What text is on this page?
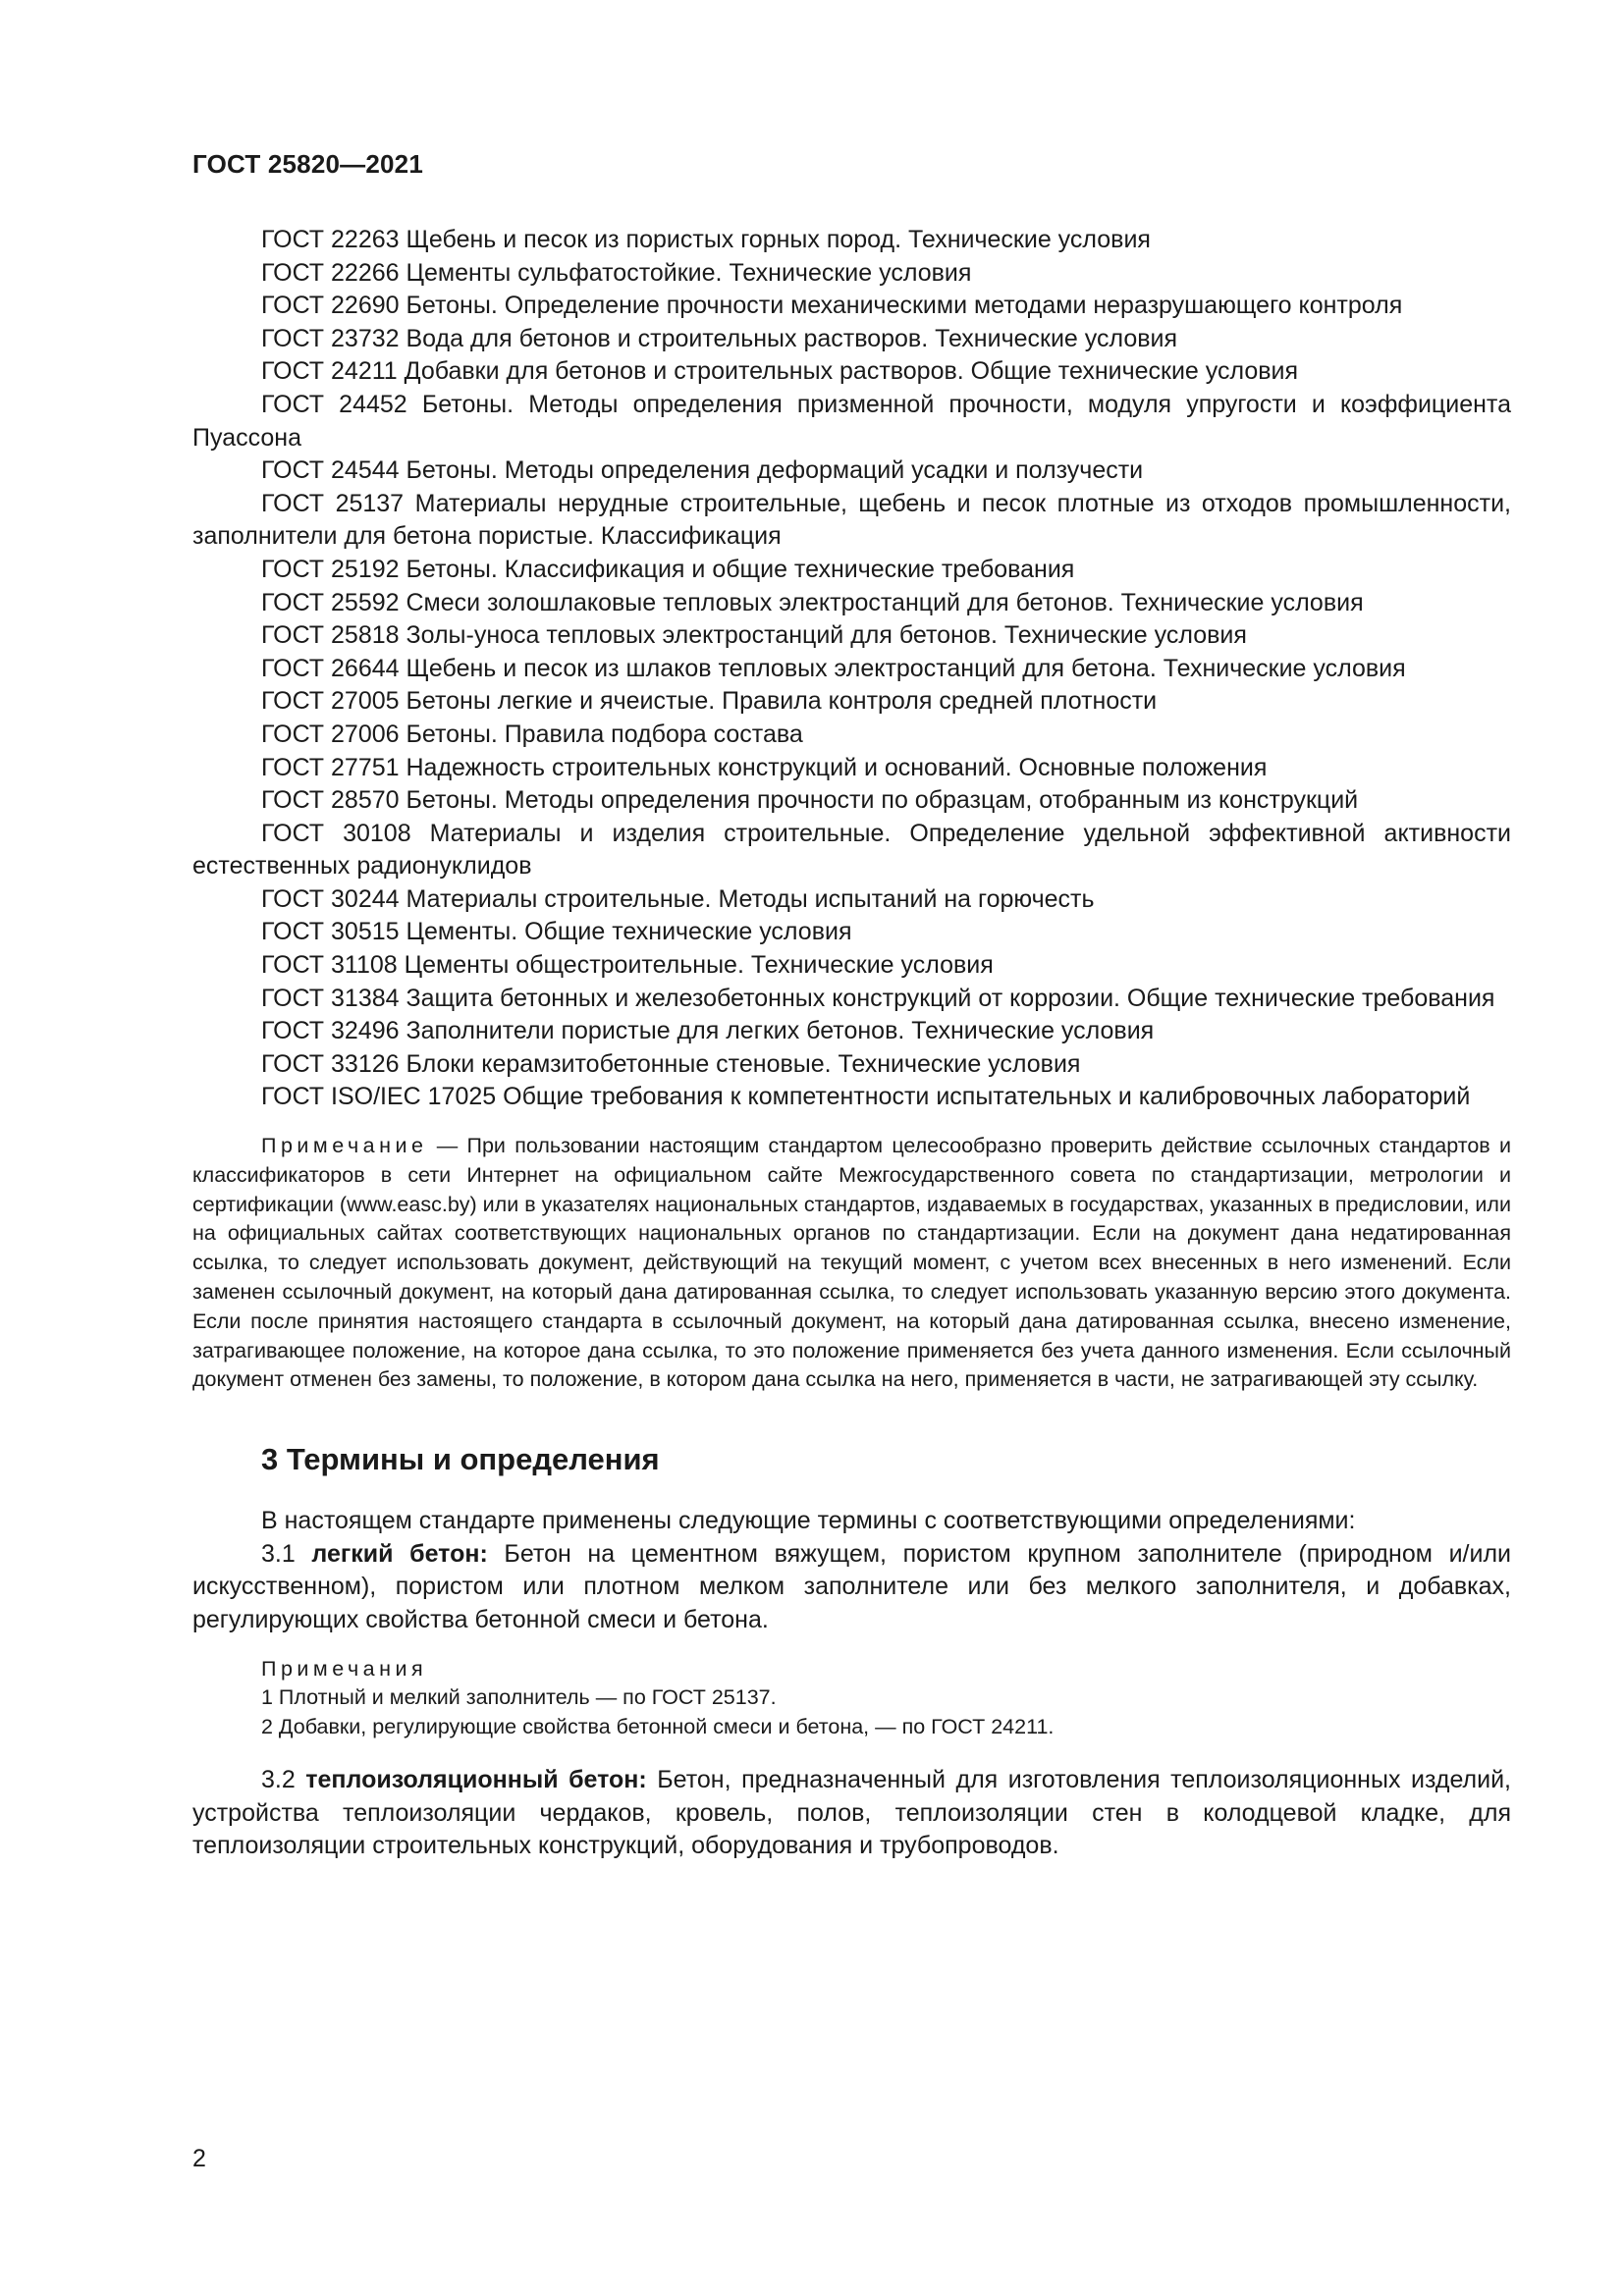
ГОСТ 25820—2021

ГОСТ 22263 Щебень и песок из пористых горных пород. Технические условия

ГОСТ 22266 Цементы сульфатостойкие. Технические условия

ГОСТ 22690 Бетоны. Определение прочности механическими методами неразрушающего контроля

ГОСТ 23732 Вода для бетонов и строительных растворов. Технические условия

ГОСТ 24211 Добавки для бетонов и строительных растворов. Общие технические условия

ГОСТ 24452 Бетоны. Методы определения призменной прочности, модуля упругости и коэффициента Пуассона

ГОСТ 24544 Бетоны. Методы определения деформаций усадки и ползучести

ГОСТ 25137 Материалы нерудные строительные, щебень и песок плотные из отходов промышленности, заполнители для бетона пористые. Классификация

ГОСТ 25192 Бетоны. Классификация и общие технические требования

ГОСТ 25592 Смеси золошлаковые тепловых электростанций для бетонов. Технические условия

ГОСТ 25818 Золы-уноса тепловых электростанций для бетонов. Технические условия

ГОСТ 26644 Щебень и песок из шлаков тепловых электростанций для бетона. Технические условия

ГОСТ 27005 Бетоны легкие и ячеистые. Правила контроля средней плотности

ГОСТ 27006 Бетоны. Правила подбора состава

ГОСТ 27751 Надежность строительных конструкций и оснований. Основные положения

ГОСТ 28570 Бетоны. Методы определения прочности по образцам, отобранным из конструкций

ГОСТ 30108 Материалы и изделия строительные. Определение удельной эффективной активности естественных радионуклидов

ГОСТ 30244 Материалы строительные. Методы испытаний на горючесть

ГОСТ 30515 Цементы. Общие технические условия

ГОСТ 31108 Цементы общестроительные. Технические условия

ГОСТ 31384 Защита бетонных и железобетонных конструкций от коррозии. Общие технические требования

ГОСТ 32496 Заполнители пористые для легких бетонов. Технические условия

ГОСТ 33126 Блоки керамзитобетонные стеновые. Технические условия

ГОСТ ISO/IEC 17025 Общие требования к компетентности испытательных и калибровочных лабораторий

Примечание — При пользовании настоящим стандартом целесообразно проверить действие ссылочных стандартов и классификаторов в сети Интернет на официальном сайте Межгосударственного совета по стандартизации, метрологии и сертификации (www.easc.by) или в указателях национальных стандартов, издаваемых в государствах, указанных в предисловии, или на официальных сайтах соответствующих национальных органов по стандартизации. Если на документ дана недатированная ссылка, то следует использовать документ, действующий на текущий момент, с учетом всех внесенных в него изменений. Если заменен ссылочный документ, на который дана датированная ссылка, то следует использовать указанную версию этого документа. Если после принятия настоящего стандарта в ссылочный документ, на который дана датированная ссылка, внесено изменение, затрагивающее положение, на которое дана ссылка, то это положение применяется без учета данного изменения. Если ссылочный документ отменен без замены, то положение, в котором дана ссылка на него, применяется в части, не затрагивающей эту ссылку.

3 Термины и определения

В настоящем стандарте применены следующие термины с соответствующими определениями:

3.1 легкий бетон: Бетон на цементном вяжущем, пористом крупном заполнителе (природном и/или искусственном), пористом или плотном мелком заполнителе или без мелкого заполнителя, и добавках, регулирующих свойства бетонной смеси и бетона.

Примечания

1 Плотный и мелкий заполнитель — по ГОСТ 25137.

2 Добавки, регулирующие свойства бетонной смеси и бетона, — по ГОСТ 24211.

3.2 теплоизоляционный бетон: Бетон, предназначенный для изготовления теплоизоляционных изделий, устройства теплоизоляции чердаков, кровель, полов, теплоизоляции стен в колодцевой кладке, для теплоизоляции строительных конструкций, оборудования и трубопроводов.

2
